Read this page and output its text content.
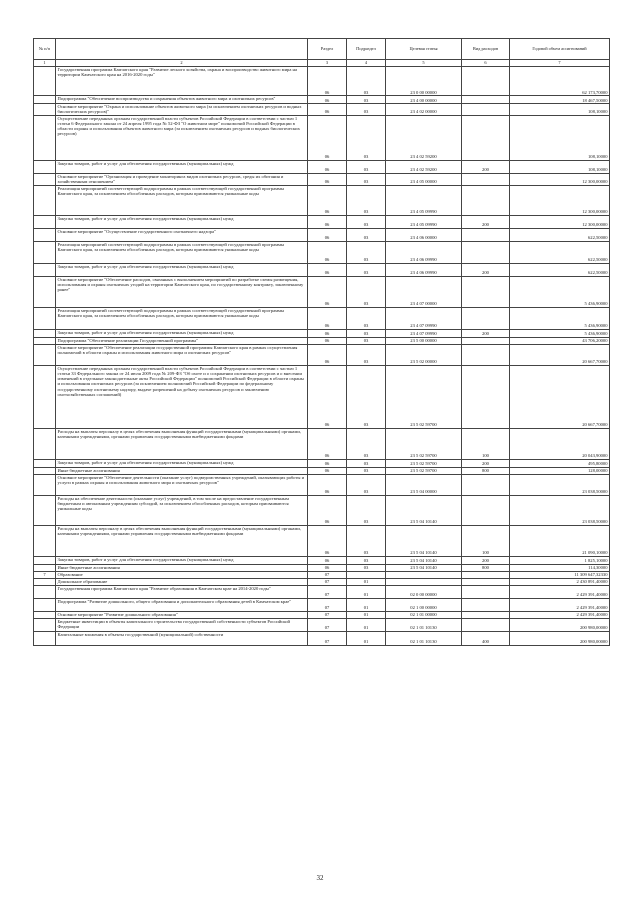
№ п/п		Раздел	Подраздел	Целевая статья	Вид расходов	Годовой объем ассигнований
1	2	3	4	5	6	7
	Государственная программа Камчатского края "Развитие лесного хозяйства, охрана и воспроизводство животного мира на территории Камчатского края на 2016-2020 годы"	06	03	23 0 00 00000		62 173,70000
	Подпрограмма "Обеспечение воспроизводства и сохранения объектов животного мира и охотничьих ресурсов"	06	03	23 4 00 00000		18 467,50000
	Основное мероприятие "Охрана и использование объектов животного мира (за исключением охотничьих ресурсов и водных биологических ресурсов)"	06	03	23 4 02 00000		108,10000
	Осуществление переданных органам государственной власти субъектов Российской Федерации в соответствии с частью 1 статьи 6 Федерального закона от 24 апреля 1995 года № 52-ФЗ "О животном мире" полномочий Российской Федерации в области охраны и использования объектов животного мира (за исключением охотничьих ресурсов и водных биологических ресурсов)	06	03	23 4 02 59200		108,10000
	Закупка товаров, работ и услуг для обеспечения государственных (муниципальных) нужд	06	03	23 4 02 59200	200	108,10000
	Основное мероприятие "Организация и проведение мониторинга видов охотничьих ресурсов, среды их обитания и хозяйственным отношением"	06	03	23 4 05 00000		12 300,00000
	Реализация мероприятий соответствующей подпрограммы в рамках соответствующей государственной программы Камчатского края, за исключением обособленных расходов, которым присваиваются уникальные коды	06	03	23 4 05 09990		12 300,00000
	Закупка товаров, работ и услуг для обеспечения государственных (муниципальных) нужд	06	03	23 4 05 09990	200	12 300,00000
	Основное мероприятие "Осуществление государственного охотничьего надзора"	06	03	23 4 06 00000		622,50000
	Реализация мероприятий соответствующей подпрограммы в рамках соответствующей государственной программы Камчатского края, за исключением обособленных расходов, которым присваиваются уникальные коды	06	03	23 4 06 09990		622,50000
	Закупка товаров, работ и услуг для обеспечения государственных (муниципальных) нужд	06	03	23 4 06 09990	200	622,50000
	Основное мероприятие "Обеспечение расходов, связанных с выполнением мероприятий по разработке схемы размещения, использования и охраны охотничьих угодий на территории Камчатского края, по государственному контракту, заключенному ранее"	06	03	23 4 07 00000		5 436,90000
	Реализация мероприятий соответствующей подпрограммы в рамках соответствующей государственной программы Камчатского края, за исключением обособленных расходов, которым присваиваются уникальные коды	06	03	23 4 07 09990		5 436,90000
	Закупка товаров, работ и услуг для обеспечения государственных (муниципальных) нужд	06	03	23 4 07 09990	200	5 436,90000
	Подпрограмма "Обеспечение реализации Государственной программы"	06	03	23 5 00 00000		43 706,20000
	Основное мероприятие "Обеспечение реализации государственной программы Камчатского края в рамках осуществления полномочий в области охраны и использования животного мира и охотничьих ресурсов"	06	03	23 5 02 00000		20 667,70000
	Осуществление переданных органам государственной власти субъектов Российской Федерации в соответствии с частью 1 статьи 33 Федерального закона от 24 июля 2009 года № 209-ФЗ "Об охоте и о сохранении охотничьих ресурсов и о внесении изменений в отдельные законодательные акты Российской Федерации" полномочий Российской Федерации в области охраны и использования охотничьих ресурсов (за исключением полномочий Российской Федерации по федеральному государственному охотничьему надзору, выдаче разрешений на добычу охотничьих ресурсов и заключению охотхозяйственных соглашений)	06	03	23 5 02 59700		20 667,70000
	Расходы на выплаты персоналу в целях обеспечения выполнения функций государственными (муниципальными) органами, казенными учреждениями, органами управления государственными внебюджетными фондами	06	03	23 5 02 59700	100	20 043,90000
	Закупка товаров, работ и услуг для обеспечения государственных (муниципальных) нужд	06	03	23 5 02 59700	200	495,80000
	Иные бюджетные ассигнования	06	03	23 5 02 59700	800	128,00000
	Основное мероприятие "Обеспечение деятельности (оказание услуг) подведомственных учреждений, оказывающих работы и услуги в рамках охраны и использования животного мира и охотничьих ресурсов"	06	03	23 5 04 00000		23 038,50000
	Расходы на обеспечение деятельности (оказание услуг) учреждений, в том числе на предоставление государственным бюджетным и автономным учреждениям субсидий, за исключением обособленных расходов, которым присваиваются уникальные коды	06	03	23 5 04 10140		23 038,50000
	Расходы на выплаты персоналу в целях обеспечения выполнения функций государственными (муниципальными) органами, казенными учреждениями, органами управления государственными внебюджетными фондами	06	03	23 5 04 10140	100	21 090,10000
	Закупка товаров, работ и услуг для обеспечения государственных (муниципальных) нужд	06	03	23 5 04 10140	200	1 825,10000
	Иные бюджетные ассигнования	06	03	23 5 04 10140	800	114,30000
7	Образование	07				11 309 647,32330
	Дошкольное образование	07	01			2 430 891,40000
	Государственная программа Камчатского края "Развитие образования в Камчатском крае на 2014-2020 годы"	07	01	02 0 00 00000		2 429 391,40000
	Подпрограмма "Развитие дошкольного, общего образования и дополнительного образования детей в Камчатском крае"	07	01	02 1 00 00000		2 429 391,40000
	Основное мероприятие "Развитие дошкольного образования"	07	01	02 1 01 00000		2 429 391,40000
	Бюджетные инвестиции в объекты капитального строительства государственной собственности субъектов Российской Федерации	07	01	02 1 01 10130		200 980,00000
	Капитальные вложения в объекты государственной (муниципальной) собственности	07	01	02 1 01 10130	400	200 980,00000
32
